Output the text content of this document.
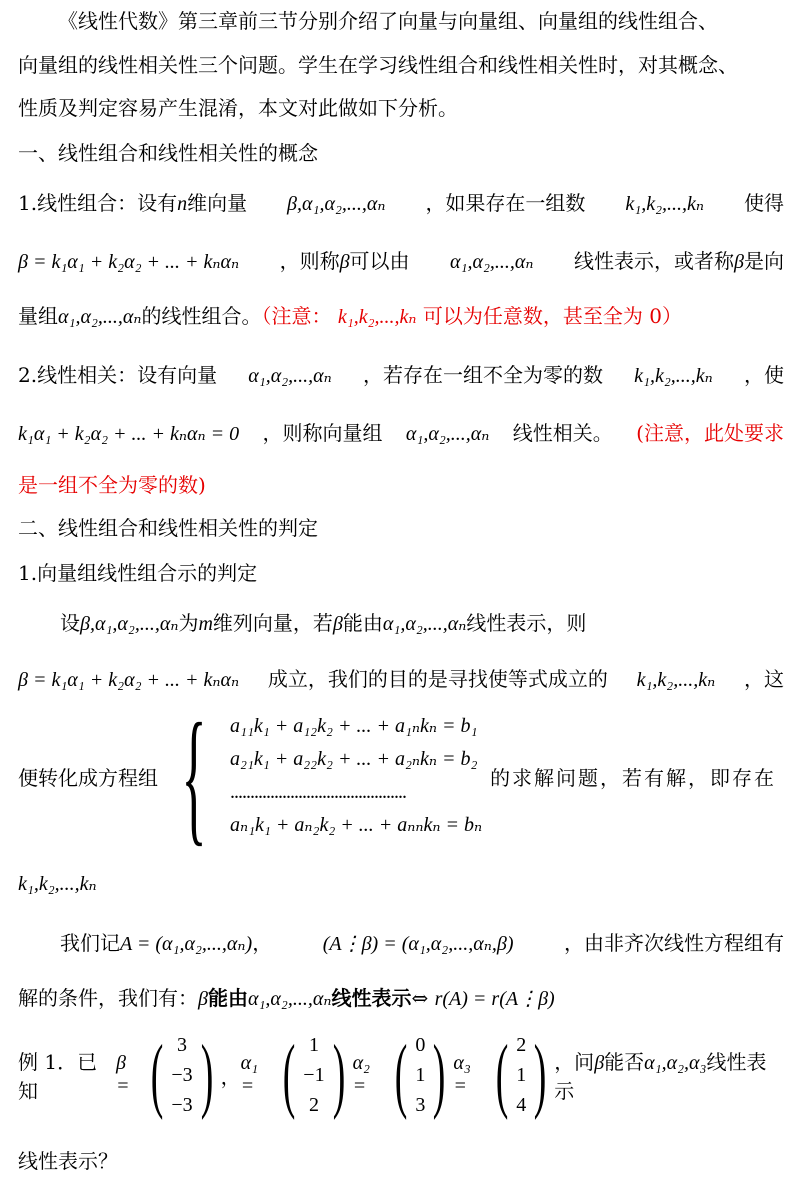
《线性代数》第三章前三节分别介绍了向量与向量组、向量组的线性组合、
向量组的线性相关性三个问题。学生在学习线性组合和线性相关性时，对其概念、
性质及判定容易产生混淆，本文对此做如下分析。
一、线性组合和线性相关性的概念
1.线性组合：设有n维向量 β,α₁,α₂,...,αₙ ，如果存在一组数 k₁,k₂,...,kₙ 使得
β = k₁α₁ + k₂α₂ + ... + kₙαₙ ，则称β可以由 α₁,α₂,...,αₙ 线性表示，或者称β是向
量组α₁,α₂,...,αₙ的线性组合。（注意： k₁,k₂,...,kₙ 可以为任意数，甚至全为 0）
2.线性相关：设有向量 α₁,α₂,...,αₙ ，若存在一组不全为零的数 k₁,k₂,...,kₙ ，使
k₁α₁ + k₂α₂ + ... + kₙαₙ = 0 ，则称向量组 α₁,α₂,...,αₙ 线性相关。 (注意，此处要求
是一组不全为零的数)
二、线性组合和线性相关性的判定
1.向量组线性组合示的判定
设β,α₁,α₂,...,αₙ为m维列向量，若β能由α₁,α₂,...,αₙ线性表示，则
β = k₁α₁ + k₂α₂ + ... + kₙαₙ 成立，我们的目的是寻找使等式成立的 k₁,k₂,...,kₙ ，这
便转化成方程组 { a₁₁k₁ + a₁₂k₂ + ... + a₁ₙkₙ = b₁
a₂₁k₁ + a₂₂k₂ + ... + a₂ₙkₙ = b₂
............................................
aₙ₁k₁ + aₙ₂k₂ + ... + aₙₙkₙ = bₙ
的求解问题，若有解，即存在
k₁,k₂,...,kₙ
我们记A = (α₁,α₂,...,αₙ)，	(A⋮β) = (α₁,α₂,...,αₙ,β)	，由非齐次线性方程组有
解的条件，我们有：β能由α₁,α₂,...,αₙ线性表示⇔ r(A) = r(A⋮β)
例 1．已知
β = ( 3
−3
−3 ) ，
α₁ = ( 1
−1
2 ) α₂ = ( 0
1
3 ) α₃ = ( 2
1
4 ) ，问β能否α₁,α₂,α₃线性表示
线性表示？
